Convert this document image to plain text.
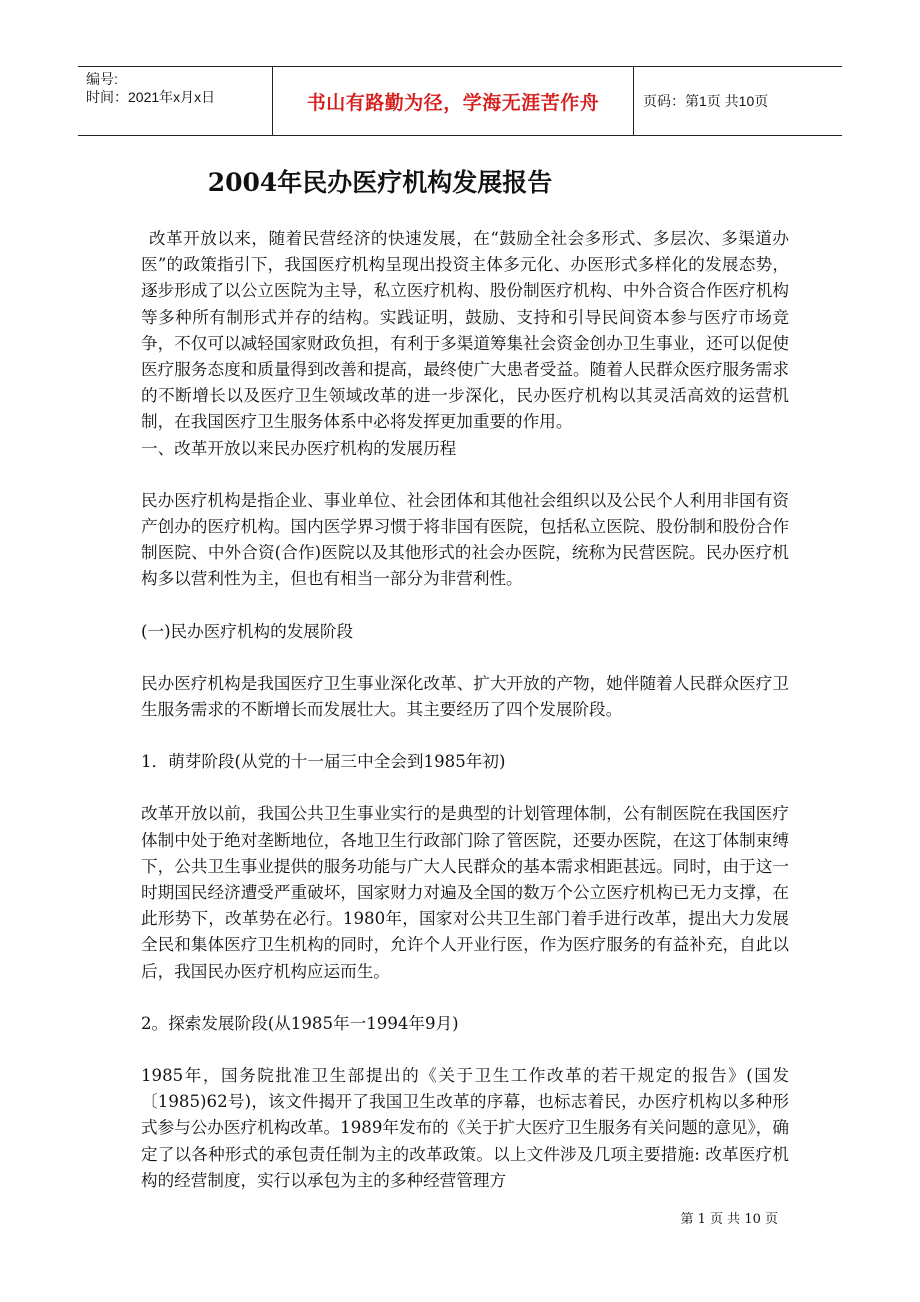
编号:
时间：2021年x月x日	书山有路勤为径，学海无涯苦作舟	页码：第1页 共10页
2004年民办医疗机构发展报告

改革开放以来，随着民营经济的快速发展，在“鼓励全社会多形式、多层次、多渠道办医”的政策指引下，我国医疗机构呈现出投资主体多元化、办医形式多样化的发展态势，逐步形成了以公立医院为主导，私立医疗机构、股份制医疗机构、中外合资合作医疗机构等多种所有制形式并存的结构。实践证明，鼓励、支持和引导民间资本参与医疗市场竞争，不仅可以减轻国家财政负担，有利于多渠道筹集社会资金创办卫生事业，还可以促使医疗服务态度和质量得到改善和提高，最终使广大患者受益。随着人民群众医疗服务需求的不断增长以及医疗卫生领域改革的进一步深化，民办医疗机构以其灵活高效的运营机制，在我国医疗卫生服务体系中必将发挥更加重要的作用。

一、改革开放以来民办医疗机构的发展历程

民办医疗机构是指企业、事业单位、社会团体和其他社会组织以及公民个人利用非国有资产创办的医疗机构。国内医学界习惯于将非国有医院，包括私立医院、股份制和股份合作制医院、中外合资(合作)医院以及其他形式的社会办医院，统称为民营医院。民办医疗机构多以营利性为主，但也有相当一部分为非营利性。

(一)民办医疗机构的发展阶段

民办医疗机构是我国医疗卫生事业深化改革、扩大开放的产物，她伴随着人民群众医疗卫生服务需求的不断增长而发展壮大。其主要经历了四个发展阶段。

1．萌芽阶段(从党的十一届三中全会到1985年初)

改革开放以前，我国公共卫生事业实行的是典型的计划管理体制，公有制医院在我国医疗体制中处于绝对垄断地位，各地卫生行政部门除了管医院，还要办医院，在这丁体制束缚下，公共卫生事业提供的服务功能与广大人民群众的基本需求相距甚远。同时，由于这一时期国民经济遭受严重破坏，国家财力对遍及全国的数万个公立医疗机构已无力支撑，在此形势下，改革势在必行。1980年，国家对公共卫生部门着手进行改革，提出大力发展全民和集体医疗卫生机构的同时，允许个人开业行医，作为医疗服务的有益补充，自此以后，我国民办医疗机构应运而生。

2。探索发展阶段(从1985年一1994年9月)

1985年，国务院批准卫生部提出的《关于卫生工作改革的若干规定的报告》(国发〔1985)62号)，该文件揭开了我国卫生改革的序幕，也标志着民，办医疗机构以多种形式参与公办医疗机构改革。1989年发布的《关于扩大医疗卫生服务有关问题的意见》，确定了以各种形式的承包责任制为主的改革政策。以上文件涉及几项主要措施: 改革医疗机构的经营制度，实行以承包为主的多种经营管理方

第 1 页 共 10 页
